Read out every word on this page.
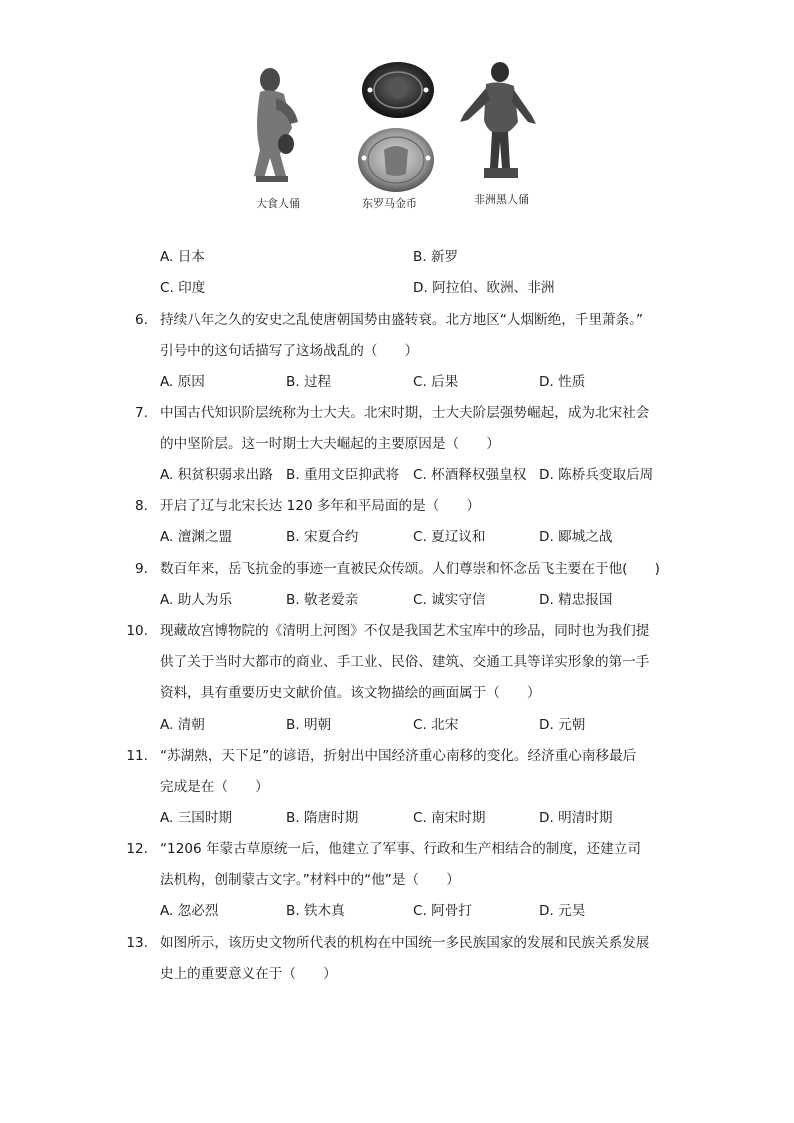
大食人俑	东罗马金币	非洲黑人俑
A. 日本	B. 新罗
C. 印度	D. 阿拉伯、欧洲、非洲
6. 持续八年之久的安史之乱使唐朝国势由盛转衰。北方地区“人烟断绝，千里萧条。”
引号中的这句话描写了这场战乱的（　　）
A. 原因	B. 过程	C. 后果	D. 性质
7. 中国古代知识阶层统称为士大夫。北宋时期，士大夫阶层强势崛起，成为北宋社会
的中坚阶层。这一时期士大夫崛起的主要原因是（　　）
A. 积贫积弱求出路 B. 重用文臣抑武将 C. 杯酒释权强皇权 D. 陈桥兵变取后周
8. 开启了辽与北宋长达 120 多年和平局面的是（　　）
A. 澶渊之盟	B. 宋夏合约	C. 夏辽议和	D. 郾城之战
9. 数百年来，岳飞抗金的事迹一直被民众传颂。人们尊崇和怀念岳飞主要在于他(　　)
A. 助人为乐	B. 敬老爱亲	C. 诚实守信	D. 精忠报国
10. 现藏故宫博物院的《清明上河图》不仅是我国艺术宝库中的珍品，同时也为我们提
供了关于当时大都市的商业、手工业、民俗、建筑、交通工具等详实形象的第一手
资料，具有重要历史文献价值。该文物描绘的画面属于（　　）
A. 清朝	B. 明朝	C. 北宋	D. 元朝
11. “苏湖熟，天下足”的谚语，折射出中国经济重心南移的变化。经济重心南移最后
完成是在（　　）
A. 三国时期	B. 隋唐时期	C. 南宋时期	D. 明清时期
12. “1206 年蒙古草原统一后，他建立了军事、行政和生产相结合的制度，还建立司
法机构，创制蒙古文字。”材料中的“他”是（　　）
A. 忽必烈	B. 铁木真	C. 阿骨打	D. 元昊
13. 如图所示，该历史文物所代表的机构在中国统一多民族国家的发展和民族关系发展
史上的重要意义在于（　　）
